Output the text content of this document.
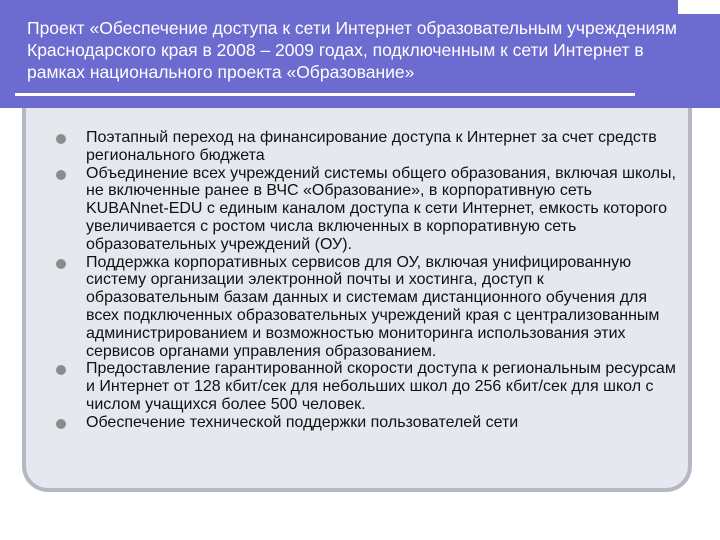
Проект «Обеспечение доступа к сети Интернет образовательным учреждениям Краснодарского края в 2008 – 2009 годах, подключенным к сети Интернет в рамках национального проекта «Образование»
Поэтапный переход на финансирование доступа к Интернет за счет средств регионального бюджета
Объединение всех учреждений системы общего образования, включая школы, не включенные ранее в ВЧС «Образование», в корпоративную сеть KUBANnet-EDU с единым каналом доступа к сети Интернет, емкость которого увеличивается с ростом числа включенных в корпоративную сеть образовательных учреждений (ОУ).
Поддержка корпоративных сервисов для ОУ, включая унифицированную систему организации электронной почты и хостинга, доступ к образовательным базам данных и системам дистанционного обучения для всех подключенных образовательных учреждений края с централизованным администрированием и возможностью мониторинга использования этих сервисов органами управления образованием.
Предоставление гарантированной скорости доступа к региональным ресурсам и Интернет от 128 кбит/сек для небольших школ до 256 кбит/сек для школ с числом учащихся более 500 человек.
Обеспечение технической поддержки пользователей сети
